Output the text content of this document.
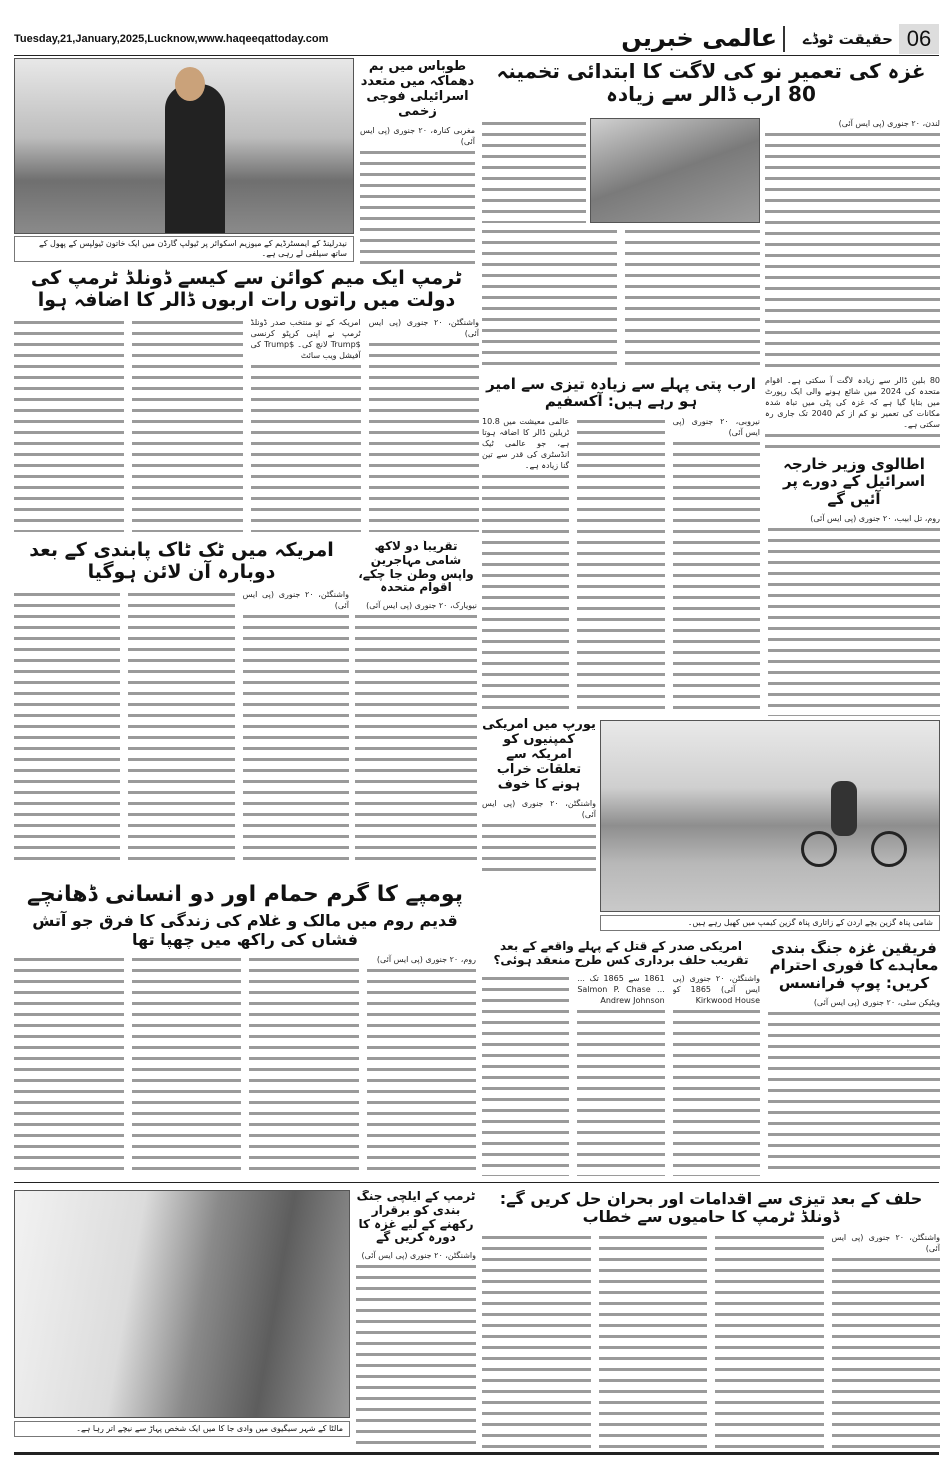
Tuesday,21,January,2025,Lucknow,www.haqeeqattoday.com	06
حقیقت ٹوڈے
عالمی خبریں
نیدرلینڈ کے ایمسٹرڈیم کے میوزیم اسکوائر پر ٹیولپ گارڈن میں ایک خاتون ٹیولپس کے پھول کے ساتھ سیلفی لے رہی ہے۔
طوباس میں بم دھماکہ میں متعدد اسرائیلی فوجی زخمی
مغربی کنارہ، ۲۰ جنوری (پی ایس آئی)
غزہ کی تعمیر نو کی لاگت کا ابتدائی تخمینہ 80 ارب ڈالر سے زیادہ
لندن، ۲۰ جنوری (پی ایس آئی)
80 بلین ڈالر سے زیادہ لاگت آ سکتی ہے۔ اقوام متحدہ کی 2024 میں شائع ہونے والی ایک رپورٹ میں بتایا گیا ہے کہ غزہ کی پٹی میں تباہ شدہ مکانات کی تعمیر نو کم از کم 2040 تک جاری رہ سکتی ہے۔
ٹرمپ ایک میم کوائن سے کیسے ڈونلڈ ٹرمپ کی دولت میں راتوں رات اربوں ڈالر کا اضافہ ہوا
واشنگٹن، ۲۰ جنوری (پی ایس آئی)
امریکہ کے نو منتخب صدر ڈونلڈ ٹرمپ نے اپنی کرپٹو کرنسی $Trump لانچ کی۔ $Trump کی آفیشل ویب سائٹ
ارب پتی پہلے سے زیادہ تیزی سے امیر ہو رہے ہیں: آکسفیم
نیروبی، ۲۰ جنوری (پی ایس آئی)
عالمی معیشت میں 10.8 ٹریلین ڈالر کا اضافہ ہوتا ہے، جو عالمی ٹیک انڈسٹری کی قدر سے تین گنا زیادہ ہے۔	اطالوی وزیر خارجہ اسرائیل کے دورے پر آئیں گے
روم، تل ابیب، ۲۰ جنوری (پی ایس آئی)
امریکہ میں ٹک ٹاک پابندی کے بعد دوبارہ آن لائن ہوگیا
واشنگٹن، ۲۰ جنوری (پی ایس آئی)
تقریباً دو لاکھ شامی مہاجرین واپس وطن جا چکے، اقوام متحدہ
نیویارک، ۲۰ جنوری (پی ایس آئی)
یورپ میں امریکی کمپنیوں کو امریکہ سے تعلقات خراب ہونے کا خوف
واشنگٹن، ۲۰ جنوری (پی ایس آئی)
شامی پناہ گزین بچے اردن کے زاتاری پناہ گزین کیمپ میں کھیل رہے ہیں۔
پومپے کا گرم حمام اور دو انسانی ڈھانچے
قدیم روم میں مالک و غلام کی زندگی کا فرق جو آتش فشاں کی راکھ میں چھپا تھا
روم، ۲۰ جنوری (پی ایس آئی)
امریکی صدر کے قتل کے پہلے واقعے کے بعد تقریب حلف برداری کس طرح منعقد ہوئی؟
واشنگٹن، ۲۰ جنوری (پی ایس آئی) 1865 کو Kirkwood House
1861 سے 1865 تک ... Salmon P. Chase ... Andrew Johnson
فریقین غزہ جنگ بندی معاہدے کا فوری احترام کریں: پوپ فرانسس
ویٹیکن سٹی، ۲۰ جنوری (پی ایس آئی)
مالٹا کے شہر سیگیوی میں وادی جا کا میں ایک شخص پہاڑ سے نیچے اتر رہا ہے۔
ٹرمپ کے ایلچی جنگ بندی کو برقرار رکھنے کے لیے غزہ کا دورہ کریں گے
واشنگٹن، ۲۰ جنوری (پی ایس آئی)
حلف کے بعد تیزی سے اقدامات اور بحران حل کریں گے: ڈونلڈ ٹرمپ کا حامیوں سے خطاب
واشنگٹن، ۲۰ جنوری (پی ایس آئی)
